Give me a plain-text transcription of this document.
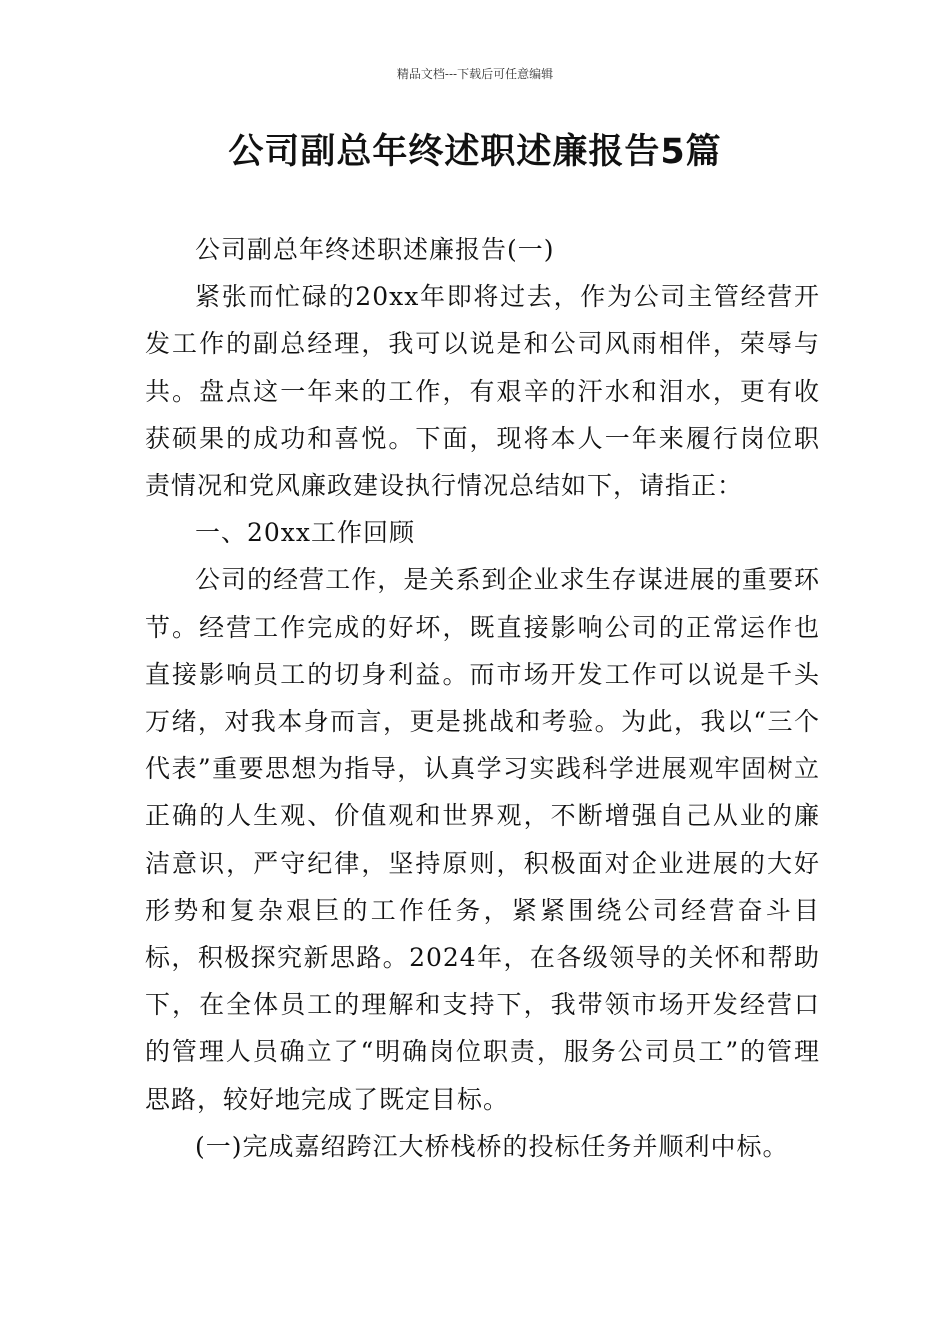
精品文档---下载后可任意编辑
公司副总年终述职述廉报告5篇

公司副总年终述职述廉报告(一)

紧张而忙碌的20xx年即将过去，作为公司主管经营开发工作的副总经理，我可以说是和公司风雨相伴，荣辱与共。盘点这一年来的工作，有艰辛的汗水和泪水，更有收获硕果的成功和喜悦。下面，现将本人一年来履行岗位职责情况和党风廉政建设执行情况总结如下，请指正：

一、20xx工作回顾

公司的经营工作，是关系到企业求生存谋进展的重要环节。经营工作完成的好坏，既直接影响公司的正常运作也直接影响员工的切身利益。而市场开发工作可以说是千头万绪，对我本身而言，更是挑战和考验。为此，我以“三个代表”重要思想为指导，认真学习实践科学进展观牢固树立正确的人生观、价值观和世界观，不断增强自己从业的廉洁意识，严守纪律，坚持原则，积极面对企业进展的大好形势和复杂艰巨的工作任务，紧紧围绕公司经营奋斗目标，积极探究新思路。2024年，在各级领导的关怀和帮助下，在全体员工的理解和支持下，我带领市场开发经营口的管理人员确立了“明确岗位职责，服务公司员工”的管理思路，较好地完成了既定目标。

(一)完成嘉绍跨江大桥栈桥的投标任务并顺利中标。
